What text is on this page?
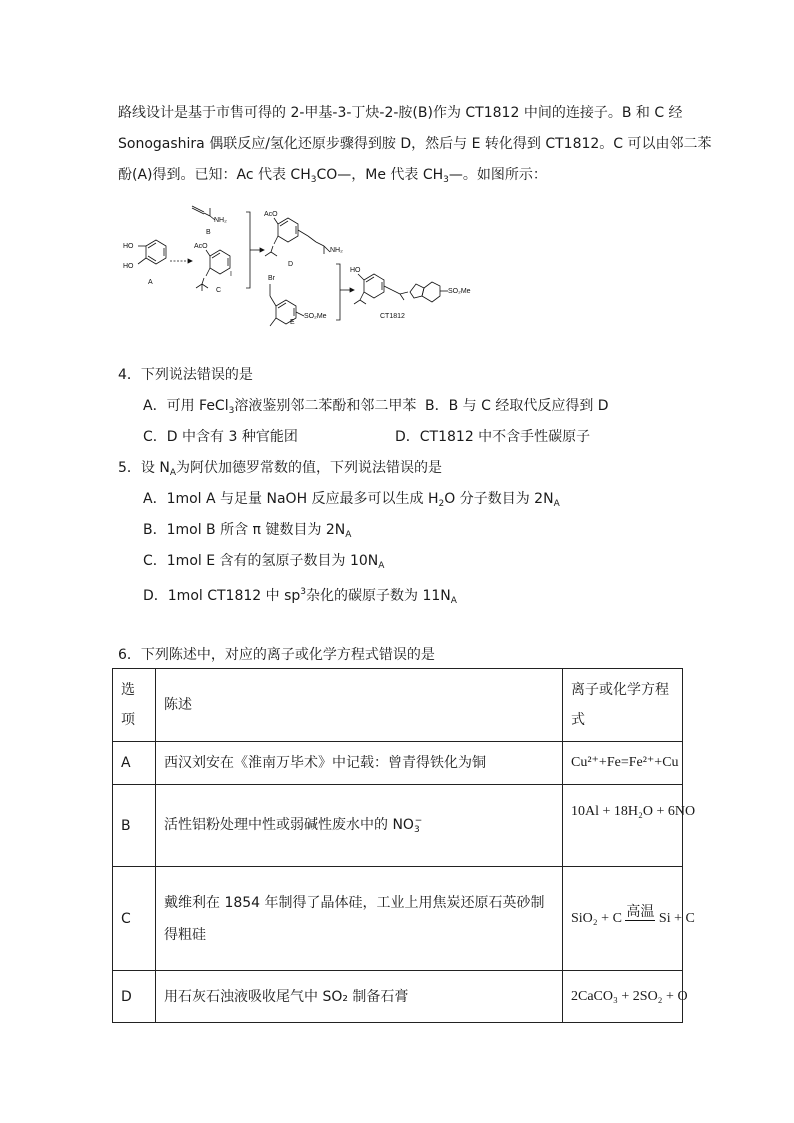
路线设计是基于市售可得的 2-甲基-3-丁炔-2-胺(B)作为 CT1812 中间的连接子。B 和 C 经
Sonogashira 偶联反应/氢化还原步骤得到胺 D，然后与 E 转化得到 CT1812。C 可以由邻二苯
酚(A)得到。已知：Ac 代表 $CH_3CO—$，Me 代表 $CH_3—$。如图所示：
HO
HO
A
AcO
I
C
NH₂
B
AcO
NH₂
D
Br
SO₂Me
E
HO
SO₂Me
CT1812
4．下列说法错误的是
A．可用 FeCl$_3$溶液鉴别邻二苯酚和邻二甲苯 B．B 与 C 经取代反应得到 D
C．D 中含有 3 种官能团	D．CT1812 中不含手性碳原子
5．设 $N_A$为阿伏加德罗常数的值，下列说法错误的是
A．1mol A 与足量 NaOH 反应最多可以生成 $H_2O$ 分子数目为 $2N_A$
B．1mol B 所含 π 键数目为 $2N_A$
C．1mol E 含有的氢原子数目为 $10N_A$
D．1mol CT1812 中 $sp^3$杂化的碳原子数为 $11N_A$
6．下列陈述中，对应的离子或化学方程式错误的是
选项	陈述	离子或化学方程式
A	西汉刘安在《淮南万毕术》中记载：曾青得铁化为铜	Cu²⁺+Fe=Fe²⁺+Cu
B	活性铝粉处理中性或弱碱性废水中的 $NO_3^-$	10Al + 18H₂O + 6NO
C	戴维利在 1854 年制得了晶体硅，工业上用焦炭还原石英砂制得粗硅	SiO₂ + C 高温 Si + C
D	用石灰石浊液吸收尾气中 SO₂ 制备石膏	2CaCO₃ + 2SO₂ + O
